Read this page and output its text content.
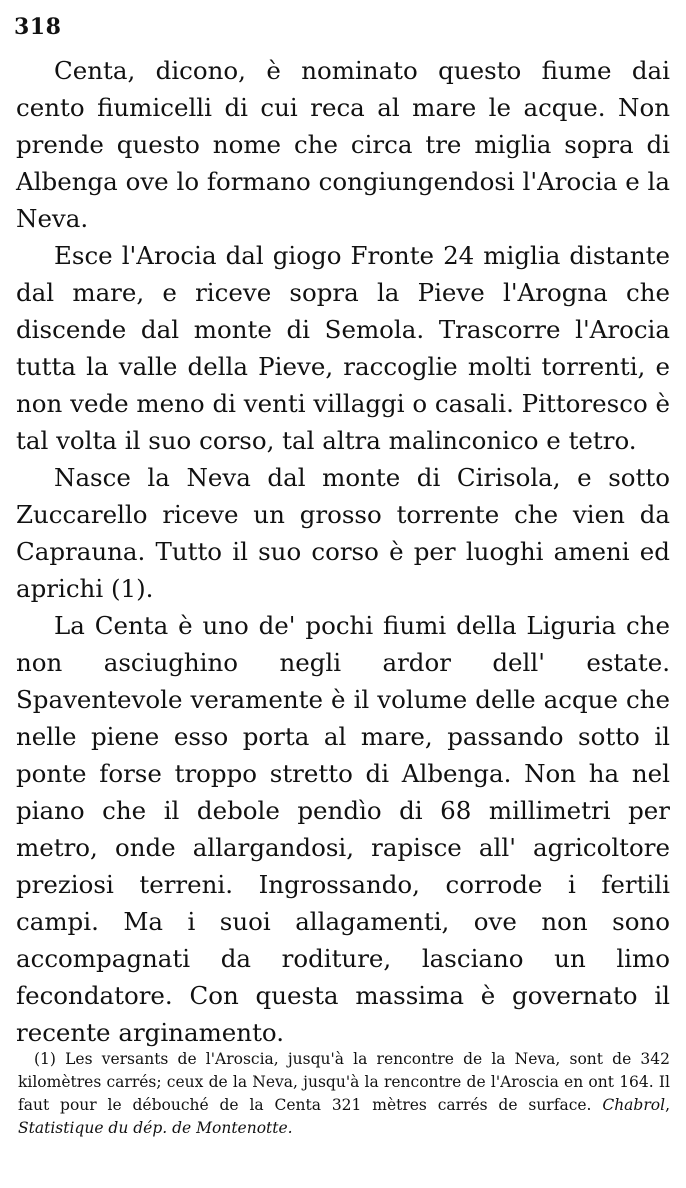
318

Centa, dicono, è nominato questo fiume dai cento fiumicelli di cui reca al mare le acque. Non prende questo nome che circa tre miglia sopra di Albenga ove lo formano congiungendosi l'Arocia e la Neva.

Esce l'Arocia dal giogo Fronte 24 miglia distante dal mare, e riceve sopra la Pieve l'Arogna che discende dal monte di Semola. Trascorre l'Arocia tutta la valle della Pieve, raccoglie molti torrenti, e non vede meno di venti villaggi o casali. Pittoresco è tal volta il suo corso, tal altra malinconico e tetro.

Nasce la Neva dal monte di Cirisola, e sotto Zuccarello riceve un grosso torrente che vien da Caprauna. Tutto il suo corso è per luoghi ameni ed aprichi (1).

La Centa è uno de' pochi fiumi della Liguria che non asciughino negli ardor dell' estate. Spaventevole veramente è il volume delle acque che nelle piene esso porta al mare, passando sotto il ponte forse troppo stretto di Albenga. Non ha nel piano che il debole pendìo di 68 millimetri per metro, onde allargandosi, rapisce all' agricoltore preziosi terreni. Ingrossando, corrode i fertili campi. Ma i suoi allagamenti, ove non sono accompagnati da roditure, lasciano un limo fecondatore. Con questa massima è governato il recente arginamento.

(1) Les versants de l'Aroscia, jusqu'à la rencontre de la Neva, sont de 342 kilomètres carrés; ceux de la Neva, jusqu'à la rencontre de l'Aroscia en ont 164. Il faut pour le débouché de la Centa 321 mètres carrés de surface. Chabrol, Statistique du dép. de Montenotte.
